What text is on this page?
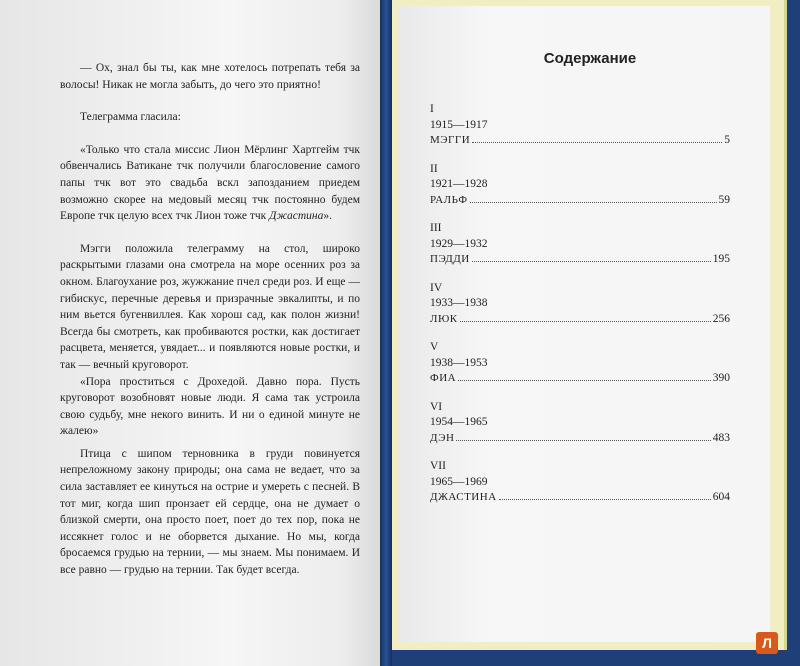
— Ох, знал бы ты, как мне хотелось потрепать тебя за волосы! Никак не могла забыть, до чего это приятно!

Телеграмма гласила:

«Только что стала миссис Лион Мёрлинг Хартгейм тчк обвенчались Ватикане тчк получили благословение самого папы тчк вот это свадьба вскл запозданием приедем возможно скорее на медовый месяц тчк постоянно будем Европе тчк целую всех тчк Лион тоже тчк Джастина».

Мэгги положила телеграмму на стол, широко раскрытыми глазами она смотрела на море осенних роз за окном. Благоухание роз, жужжание пчел среди роз. И еще — гибискус, перечные деревья и призрачные эвкалипты, и по ним вьется бугенвиллея. Как хорош сад, как полон жизни! Всегда бы смотреть, как пробиваются ростки, как достигает расцвета, меняется, увядает... и появляются новые ростки, и так — вечный круговорот.

«Пора проститься с Дрохедой. Давно пора. Пусть круговорот возобновят новые люди. Я сама так устроила свою судьбу, мне некого винить. И ни о единой минуте не жалею»

Птица с шипом терновника в груди повинуется непреложному закону природы; она сама не ведает, что за сила заставляет ее кинуться на острие и умереть с песней. В тот миг, когда шип пронзает ей сердце, она не думает о близкой смерти, она просто поет, поет до тех пор, пока не иссякнет голос и не оборвется дыхание. Но мы, когда бросаемся грудью на тернии, — мы знаем. Мы понимаем. И все равно — грудью на тернии. Так будет всегда.

Содержание
I
1915—1917
МЭГГИ	5
II
1921—1928
РАЛЬФ	59
III
1929—1932
ПЭДДИ	195
IV
1933—1938
ЛЮК	256
V
1938—1953
ФИА	390
VI
1954—1965
ДЭН	483
VII
1965—1969
ДЖАСТИНА	604
Л
